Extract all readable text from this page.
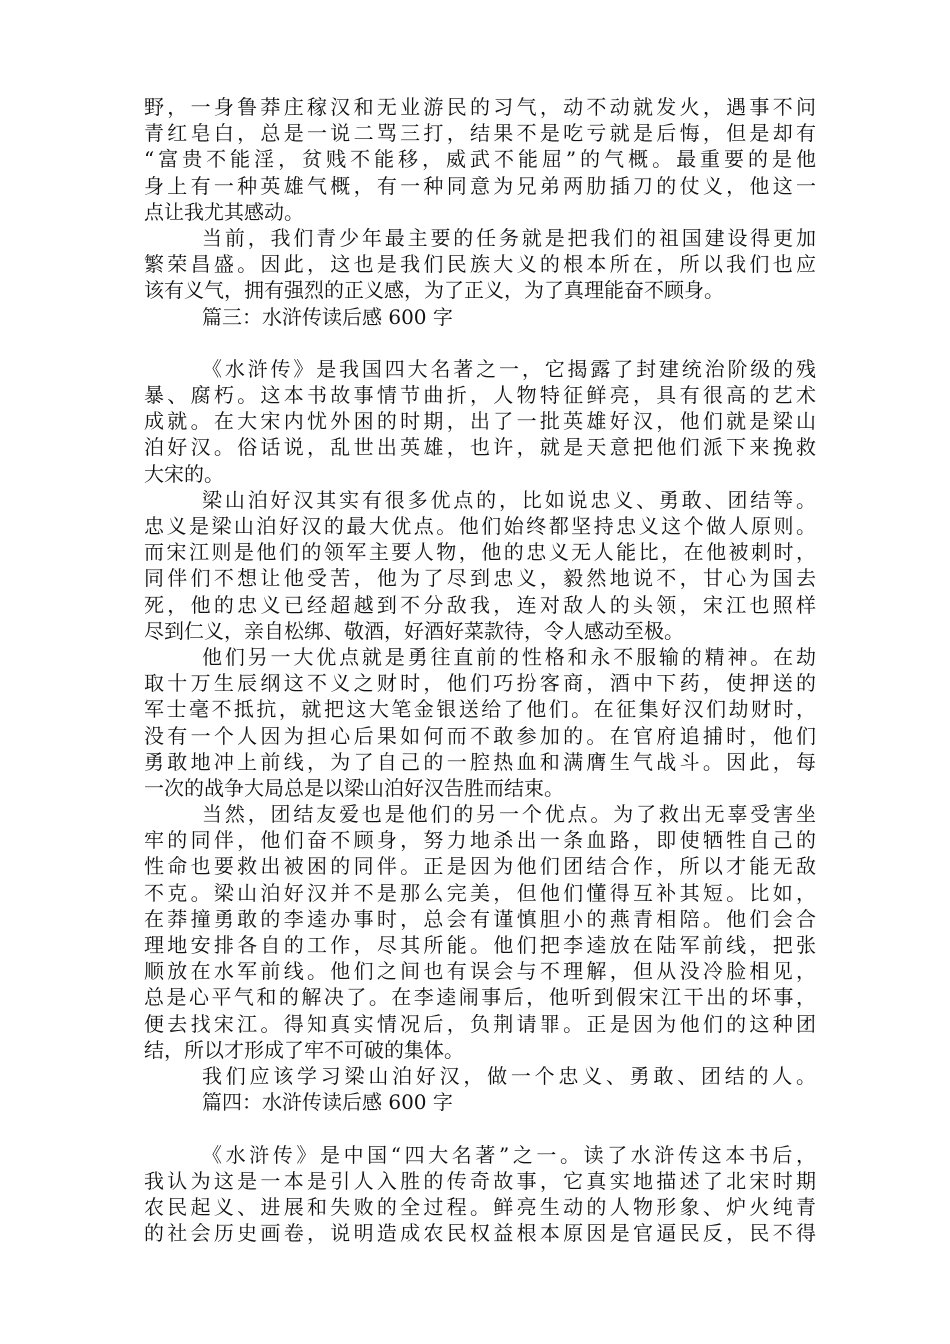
野，一身鲁莽庄稼汉和无业游民的习气，动不动就发火，遇事不问
青红皂白，总是一说二骂三打，结果不是吃亏就是后悔，但是却有
“富贵不能淫，贫贱不能移，威武不能屈”的气概。最重要的是他
身上有一种英雄气概，有一种同意为兄弟两肋插刀的仗义，他这一
点让我尤其感动。
当前，我们青少年最主要的任务就是把我们的祖国建设得更加
繁荣昌盛。因此，这也是我们民族大义的根本所在，所以我们也应
该有义气，拥有强烈的正义感，为了正义，为了真理能奋不顾身。
篇三：水浒传读后感 600 字
《水浒传》是我国四大名著之一，它揭露了封建统治阶级的残
暴、腐朽。这本书故事情节曲折，人物特征鲜亮，具有很高的艺术
成就。在大宋内忧外困的时期，出了一批英雄好汉，他们就是梁山
泊好汉。俗话说，乱世出英雄，也许，就是天意把他们派下来挽救
大宋的。
梁山泊好汉其实有很多优点的，比如说忠义、勇敢、团结等。
忠义是梁山泊好汉的最大优点。他们始终都坚持忠义这个做人原则。
而宋江则是他们的领军主要人物，他的忠义无人能比，在他被刺时，
同伴们不想让他受苦，他为了尽到忠义，毅然地说不，甘心为国去
死，他的忠义已经超越到不分敌我，连对敌人的头领，宋江也照样
尽到仁义，亲自松绑、敬酒，好酒好菜款待，令人感动至极。
他们另一大优点就是勇往直前的性格和永不服输的精神。在劫
取十万生辰纲这不义之财时，他们巧扮客商，酒中下药，使押送的
军士毫不抵抗，就把这大笔金银送给了他们。在征集好汉们劫财时，
没有一个人因为担心后果如何而不敢参加的。在官府追捕时，他们
勇敢地冲上前线，为了自己的一腔热血和满膺生气战斗。因此，每
一次的战争大局总是以梁山泊好汉告胜而结束。
当然，团结友爱也是他们的另一个优点。为了救出无辜受害坐
牢的同伴，他们奋不顾身，努力地杀出一条血路，即使牺牲自己的
性命也要救出被困的同伴。正是因为他们团结合作，所以才能无敌
不克。梁山泊好汉并不是那么完美，但他们懂得互补其短。比如，
在莽撞勇敢的李逵办事时，总会有谨慎胆小的燕青相陪。他们会合
理地安排各自的工作，尽其所能。他们把李逵放在陆军前线，把张
顺放在水军前线。他们之间也有误会与不理解，但从没冷脸相见，
总是心平气和的解决了。在李逵闹事后，他听到假宋江干出的坏事，
便去找宋江。得知真实情况后，负荆请罪。正是因为他们的这种团
结，所以才形成了牢不可破的集体。
我们应该学习梁山泊好汉，做一个忠义、勇敢、团结的人。
篇四：水浒传读后感 600 字
《水浒传》是中国“四大名著”之一。读了水浒传这本书后，
我认为这是一本是引人入胜的传奇故事，它真实地描述了北宋时期
农民起义、进展和失败的全过程。鲜亮生动的人物形象、炉火纯青
的社会历史画卷，说明造成农民权益根本原因是官逼民反，民不得
